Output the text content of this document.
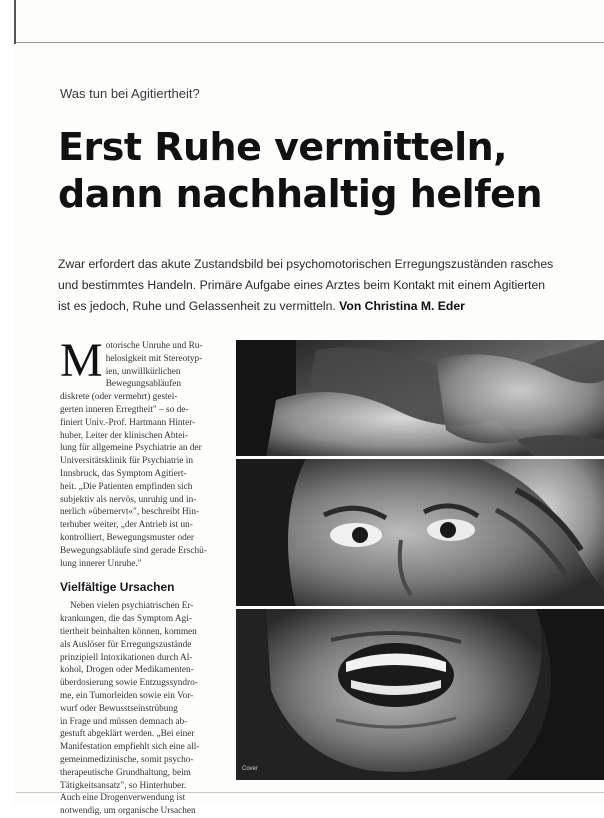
Was tun bei Agitiertheit?
Erst Ruhe vermitteln,
dann nachhaltig helfen
Zwar erfordert das akute Zustandsbild bei psychomotorischen Erregungszuständen rasches
und bestimmtes Handeln. Primäre Aufgabe eines Arztes beim Kontakt mit einem Agitierten
ist es jedoch, Ruhe und Gelassenheit zu vermitteln. Von Christina M. Eder
M otorische Unruhe und Ru-
helosigkeit mit Stereotyp-
ien, unwillkürlichen
Bewegungsabläufen
diskrete (oder vermehrt) gestei-
gerten inneren Erregtheit" – so de-
finiert Univ.-Prof. Hartmann Hinter-
huber, Leiter der klinischen Abtei-
lung für allgemeine Psychiatrie an der
Universitätsklinik für Psychiatrie in
Innsbruck, das Symptom Agitiert-
heit. „Die Patienten empfinden sich
subjektiv als nervös, unruhig und in-
nerlich »übernervt«", beschreibt Hin-
terhuber weiter, „der Antrieb ist un-
kontrolliert, Bewegungsmuster oder
Bewegungsabläufe sind gerade Erschü-
lung innerer Unruhe."
Vielfältige Ursachen
Neben vielen psychiatrischen Er-
krankungen, die das Symptom Agi-
tiertheit beinhalten können, kommen
als Auslöser für Erregungszustände
prinzipiell Intoxikationen durch Al-
kohol, Drogen oder Medikamenten-
überdosierung sowie Entzugssyndro-
me, ein Tumorleiden sowie ein Vor-
wurf oder Bewusstseinstrübung
in Frage und müssen demnach ab-
gestuft abgeklärt werden. „Bei einer
Manifestation empfiehlt sich eine all-
gemeinmedizinische, somit psycho-
therapeutische Grundhaltung, beim
Tätigkeitsansatz", so Hinterhuber.
Auch eine Drogenverwendung ist
notwendig, um organische Ursachen
Cover
